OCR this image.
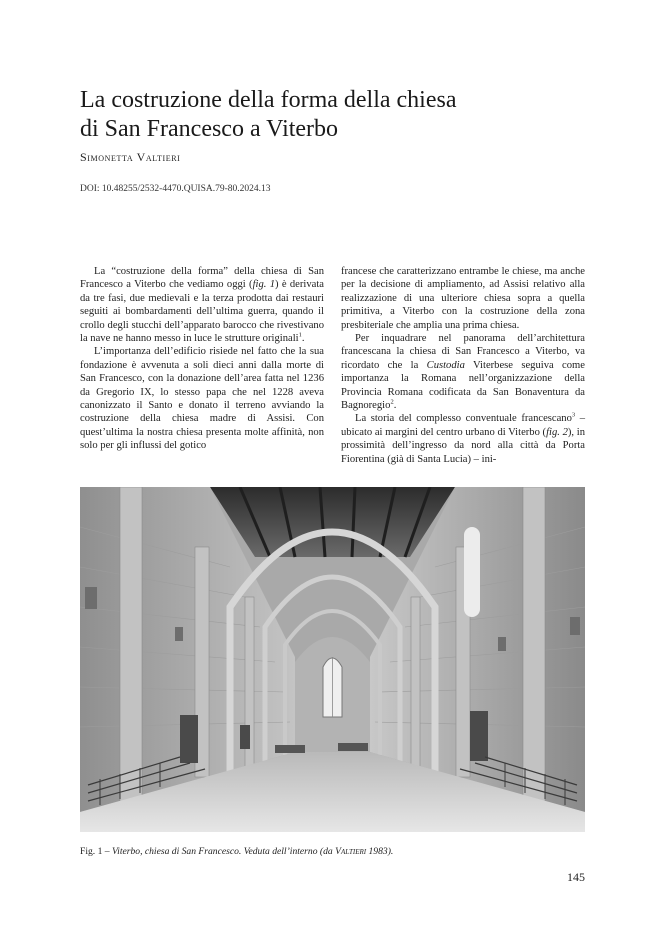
La costruzione della forma della chiesa
di San Francesco a Viterbo
Simonetta Valtieri
DOI: 10.48255/2532-4470.QUISA.79-80.2024.13

La “costruzione della forma” della chiesa di San Francesco a Viterbo che vediamo oggi (fig. 1) è derivata da tre fasi, due medievali e la terza prodotta dai restauri seguiti ai bombardamenti dell’ultima guerra, quando il crollo degli stucchi dell’apparato barocco che rivestivano la nave ne hanno messo in luce le strutture originali$^1$.

L’importanza dell’edificio risiede nel fatto che la sua fondazione è avvenuta a soli dieci anni dalla morte di San Francesco, con la donazione dell’area fatta nel 1236 da Gregorio IX, lo stesso papa che nel 1228 aveva canonizzato il Santo e donato il terreno avviando la costruzione della chiesa madre di Assisi. Con quest’ultima la nostra chiesa presenta molte affinità, non solo per gli influssi del gotico

francese che caratterizzano entrambe le chiese, ma anche per la decisione di ampliamento, ad Assisi relativo alla realizzazione di una ulteriore chiesa sopra a quella primitiva, a Viterbo con la costruzione della zona presbiteriale che amplia una prima chiesa.

Per inquadrare nel panorama dell’architettura francescana la chiesa di San Francesco a Viterbo, va ricordato che la Custodia Viterbese seguiva come importanza la Romana nell’organizzazione della Provincia Romana codificata da San Bonaventura da Bagnoregio$^2$.

La storia del complesso conventuale francescano$^3$ – ubicato ai margini del centro urbano di Viterbo (fig. 2), in prossimità dell’ingresso da nord alla città da Porta Fiorentina (già di Santa Lucia) – ini-

Fig. 1 – Viterbo, chiesa di San Francesco. Veduta dell’interno (da Valtieri 1983).
145
